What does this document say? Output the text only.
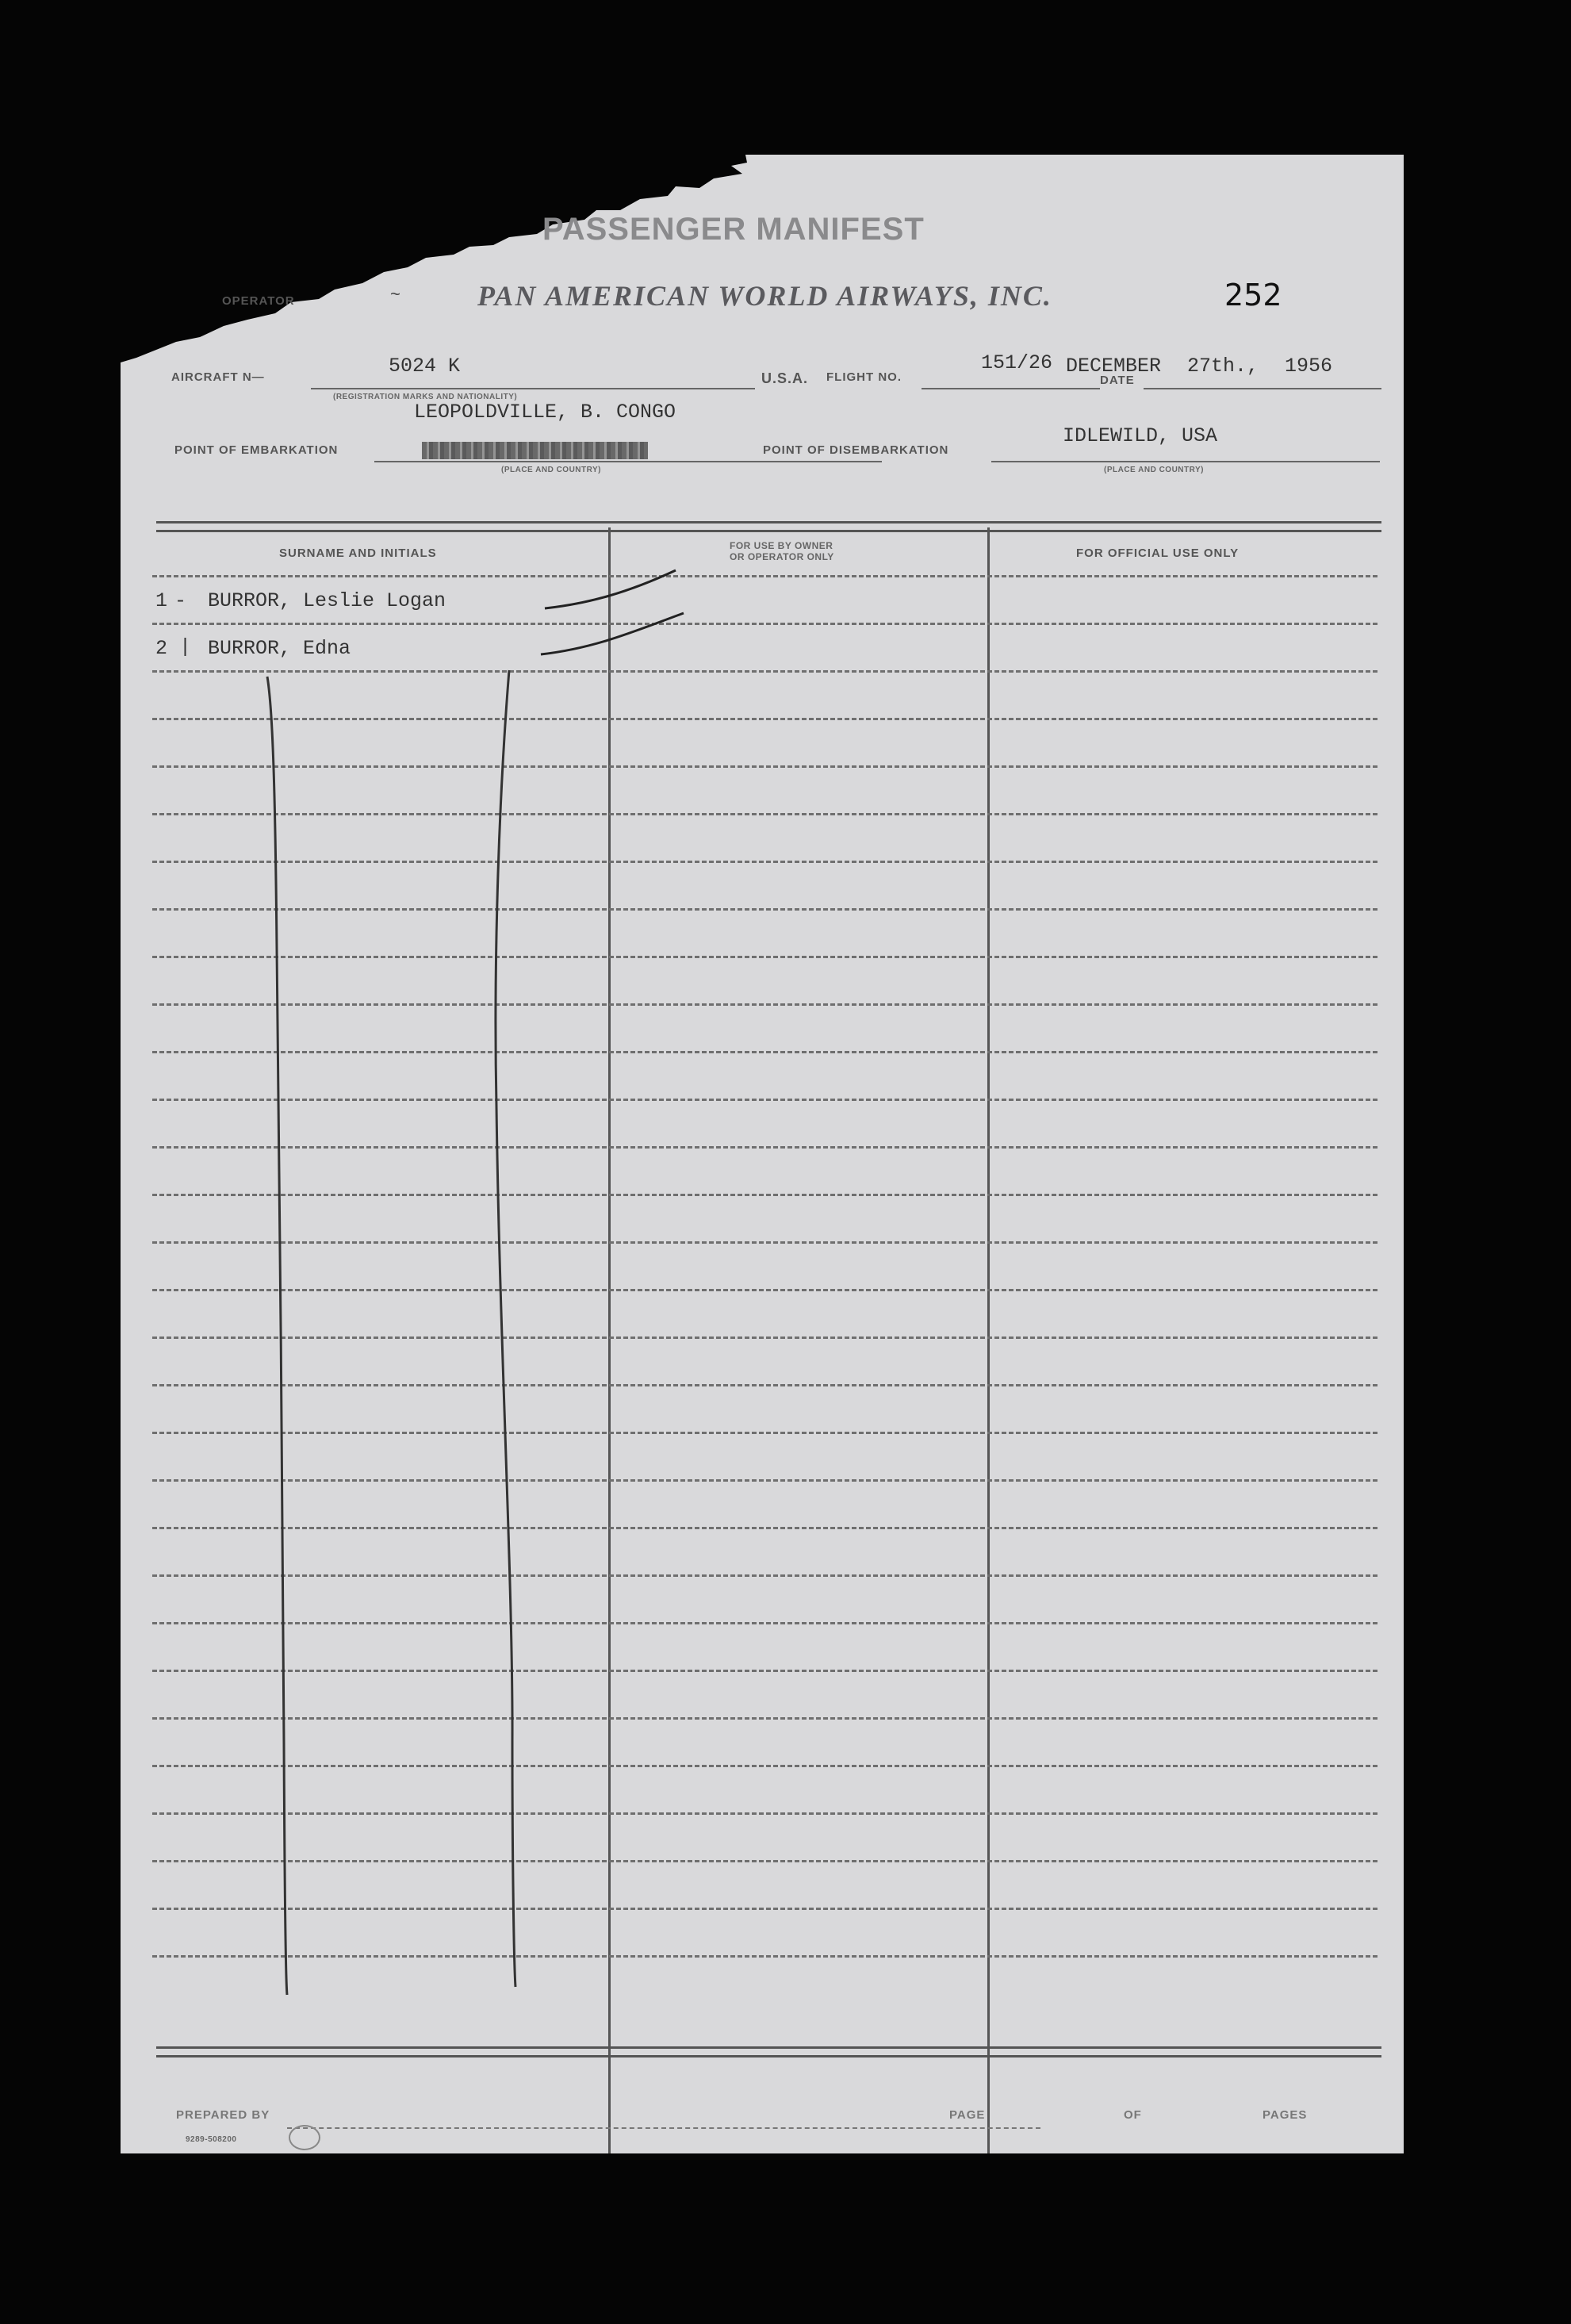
PASSENGER MANIFEST
OPERATOR	~	PAN AMERICAN WORLD AIRWAYS, INC.	252
AIRCRAFT N—	5024 K
(REGISTRATION MARKS AND NATIONALITY)
U.S.A. FLIGHT NO.
151/26
DATE
DECEMBER 27th., 1956
LEOPOLDVILLE, B. CONGO
POINT OF EMBARKATION
(PLACE AND COUNTRY)
POINT OF DISEMBARKATION
IDLEWILD, USA
(PLACE AND COUNTRY)
SURNAME AND INITIALS
FOR USE BY OWNER
OR OPERATOR ONLY	FOR OFFICIAL USE ONLY
1 - BURROR, Leslie Logan
2 | BURROR, Edna
PREPARED BY	PAGE	OF	PAGES
9289-508200
